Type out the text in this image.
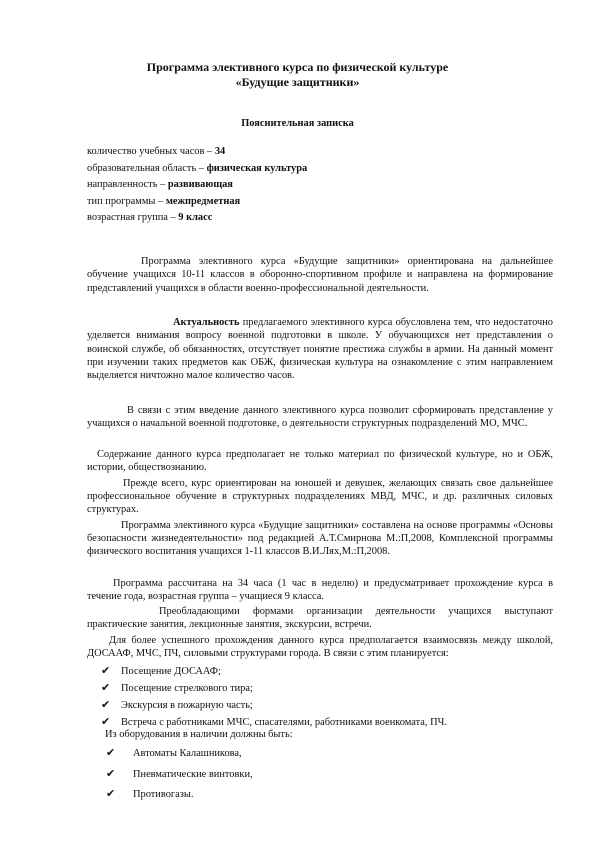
Программа элективного курса по физической культуре
«Будущие защитники»
Пояснительная записка
количество учебных часов – 34
образовательная область – физическая культура
направленность – развивающая
тип программы – межпредметная
возрастная группа – 9 класс
Программа элективного курса «Будущие защитники» ориентирована на дальнейшее обучение учащихся 10-11 классов в оборонно-спортивном профиле и направлена на формирование представлений учащихся в области военно-профессиональной деятельности.
Актуальность предлагаемого элективного курса обусловлена тем, что недостаточно уделяется внимания вопросу военной подготовки в школе. У обучающихся нет представления о воинской службе, об обязанностях, отсутствует понятие престижа службы в армии. На данный момент при изучении таких предметов как ОБЖ, физическая культура на ознакомление с этим направлением выделяется ничтожно малое количество часов.
В связи с этим введение данного элективного курса позволит сформировать представление у учащихся о начальной военной подготовке, о деятельности структурных подразделений МО, МЧС.
Содержание данного курса предполагает не только материал по физической культуре, но и ОБЖ, истории, обществознанию.
Прежде всего, курс ориентирован на юношей и девушек, желающих связать свое дальнейшее профессиональное обучение в структурных подразделениях МВД, МЧС, и др. различных силовых структурах.
Программа элективного курса «Будущие защитники» составлена на основе программы «Основы безопасности жизнедеятельности» под редакцией А.Т.Смирнова М.:П,2008, Комплексной программы физического воспитания учащихся 1-11 классов В.И.Лях,М.:П,2008.
Программа рассчитана на 34 часа (1 час в неделю) и предусматривает прохождение курса в течение года, возрастная группа – учащиеся 9 класса.
Преобладающими формами организации деятельности учащихся выступают практические занятия, лекционные занятия, экскурсии, встречи.
Для более успешного прохождения данного курса предполагается взаимосвязь между школой, ДОСААФ, МЧС, ПЧ, силовыми структурами города. В связи с этим планируется:
✔	Посещение ДОСААФ;
✔	Посещение стрелкового тира;
✔	Экскурсия в пожарную часть;
✔	Встреча с работниками МЧС, спасателями, работниками военкомата, ПЧ.
Из оборудования в наличии должны быть:
✔	Автоматы Калашникова,
✔	Пневматические винтовки,
✔	Противогазы.
